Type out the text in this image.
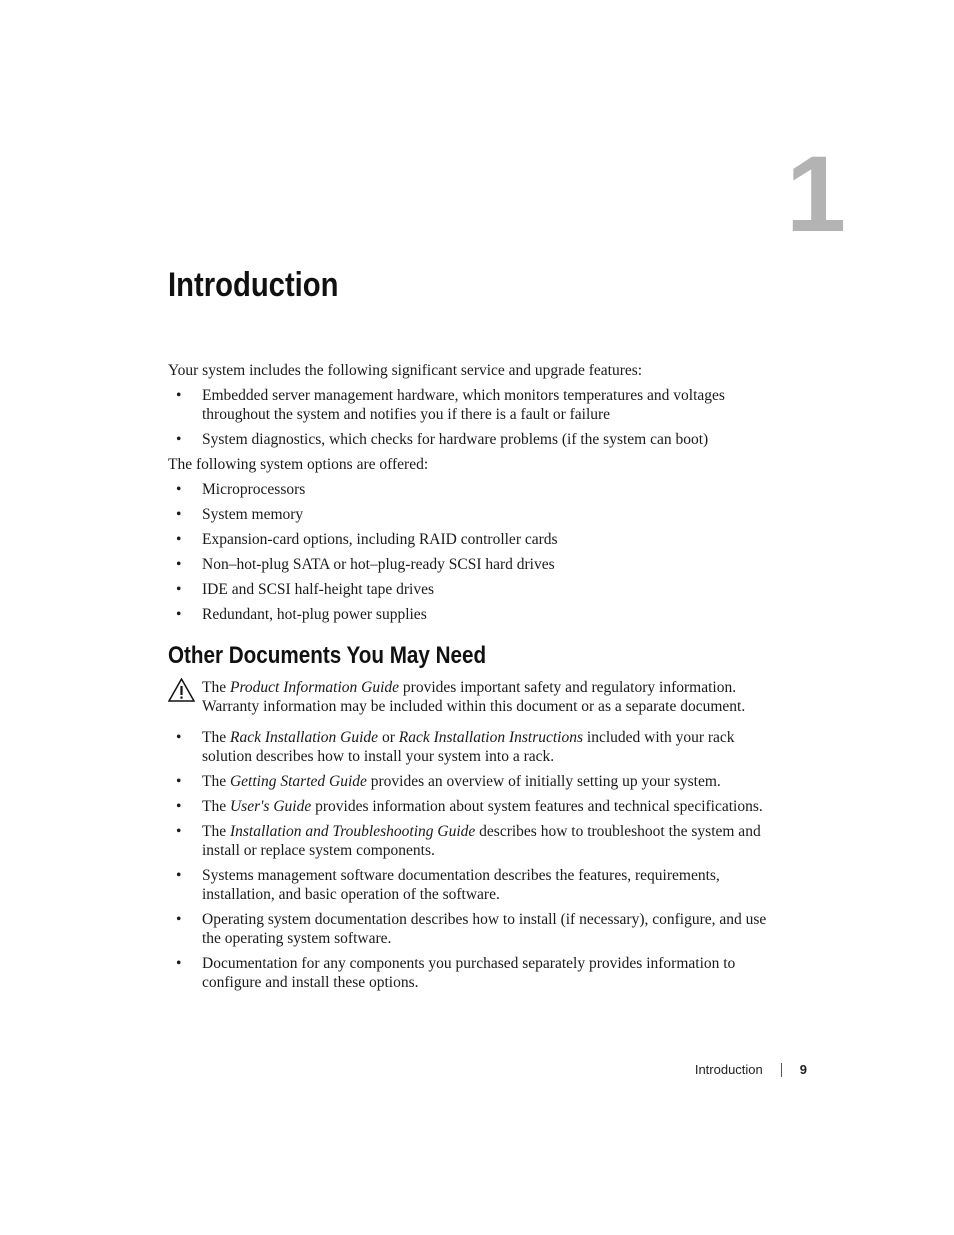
1
Introduction

Your system includes the following significant service and upgrade features:

• Embedded server management hardware, which monitors temperatures and voltages throughout the system and notifies you if there is a fault or failure
• System diagnostics, which checks for hardware problems (if the system can boot)

The following system options are offered:

• Microprocessors
• System memory
• Expansion-card options, including RAID controller cards
• Non–hot-plug SATA or hot–plug-ready SCSI hard drives
• IDE and SCSI half-height tape drives
• Redundant, hot-plug power supplies
Other Documents You May Need

The Product Information Guide provides important safety and regulatory information. Warranty information may be included within this document or as a separate document.

• The Rack Installation Guide or Rack Installation Instructions included with your rack solution describes how to install your system into a rack.
• The Getting Started Guide provides an overview of initially setting up your system.
• The User's Guide provides information about system features and technical specifications.
• The Installation and Troubleshooting Guide describes how to troubleshoot the system and install or replace system components.
• Systems management software documentation describes the features, requirements, installation, and basic operation of the software.
• Operating system documentation describes how to install (if necessary), configure, and use the operating system software.
• Documentation for any components you purchased separately provides information to configure and install these options.
Introduction	9
